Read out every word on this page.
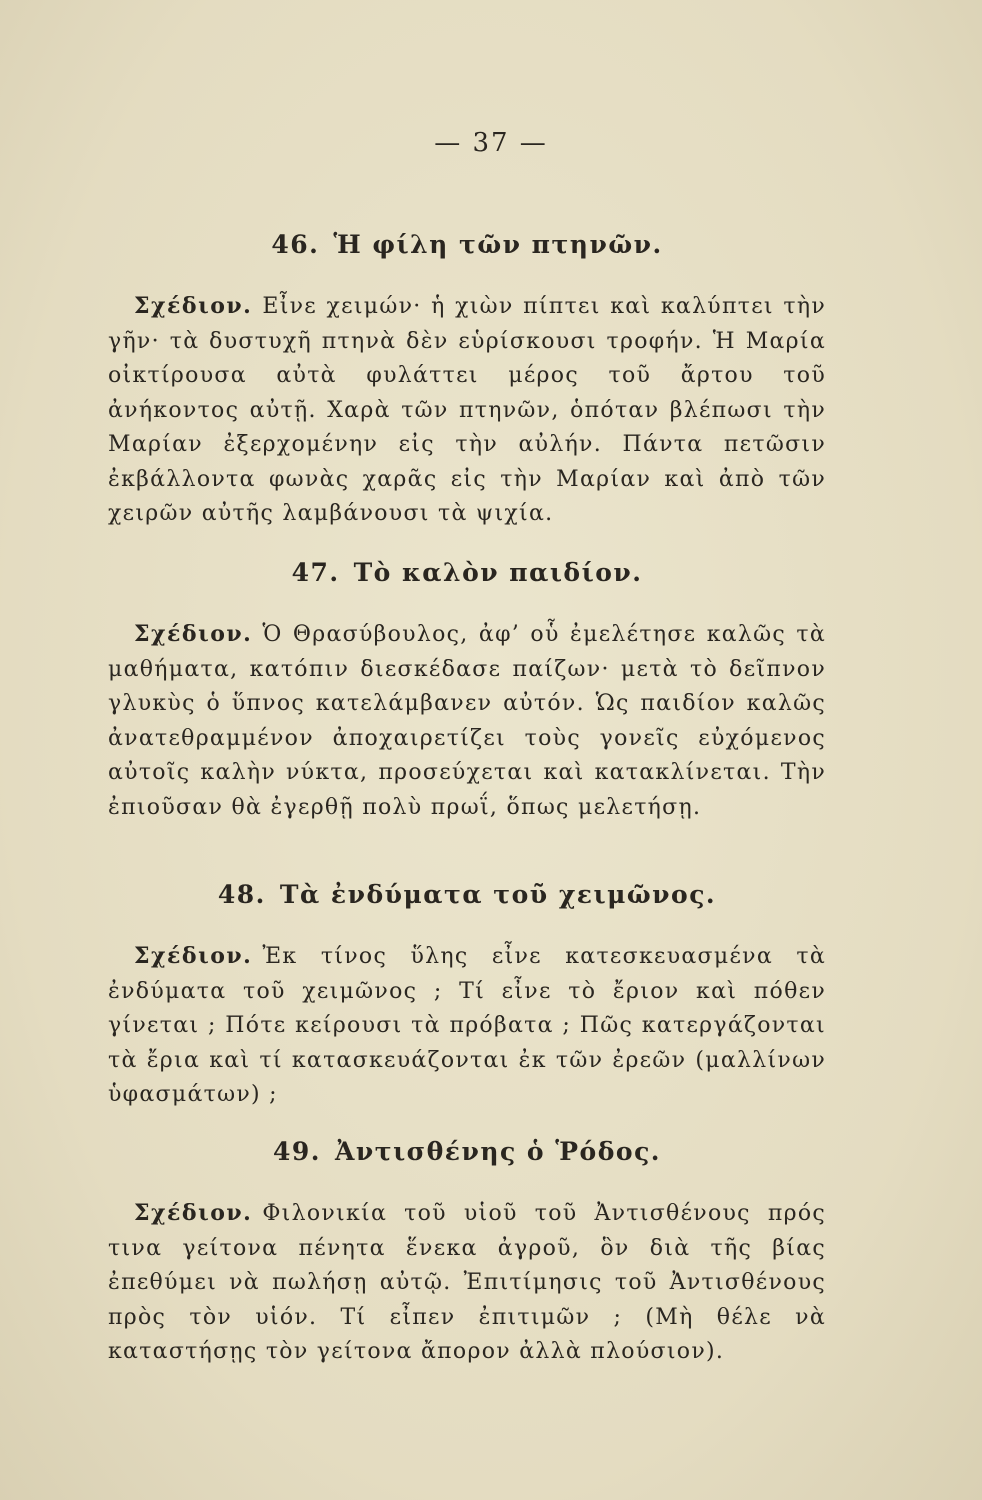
— 37 —
46. Ἡ φίλη τῶν πτηνῶν.

Σχέδιον. Εἶνε χειμών· ἡ χιὼν πίπτει καὶ καλύπτει τὴν γῆν· τὰ δυστυχῆ πτηνὰ δὲν εὑρίσκουσι τροφήν. Ἡ Μαρία οἰκτίρουσα αὐτὰ φυλάττει μέρος τοῦ ἄρτου τοῦ ἀνήκοντος αὐτῇ. Χαρὰ τῶν πτηνῶν, ὁπόταν βλέπωσι τὴν Μαρίαν ἐξερχομένην εἰς τὴν αὐλήν. Πάντα πετῶσιν ἐκβάλλοντα φωνὰς χαρᾶς εἰς τὴν Μαρίαν καὶ ἀπὸ τῶν χειρῶν αὐτῆς λαμβάνουσι τὰ ψιχία.

47. Τὸ καλὸν παιδίον.

Σχέδιον. Ὁ Θρασύβουλος, ἀφ’ οὗ ἐμελέτησε καλῶς τὰ μαθήματα, κατόπιν διεσκέδασε παίζων· μετὰ τὸ δεῖπνον γλυκὺς ὁ ὕπνος κατελάμβανεν αὐτόν. Ὡς παιδίον καλῶς ἀνατεθραμμένον ἀποχαιρετίζει τοὺς γονεῖς εὐχόμενος αὐτοῖς καλὴν νύκτα, προσεύχεται καὶ κατακλίνεται. Τὴν ἐπιοῦσαν θὰ ἐγερθῇ πολὺ πρωΐ, ὅπως μελετήσῃ.

48. Τὰ ἐνδύματα τοῦ χειμῶνος.

Σχέδιον. Ἐκ τίνος ὕλης εἶνε κατεσκευασμένα τὰ ἐνδύματα τοῦ χειμῶνος ; Τί εἶνε τὸ ἔριον καὶ πόθεν γίνεται ; Πότε κείρουσι τὰ πρόβατα ; Πῶς κατεργάζονται τὰ ἔρια καὶ τί κατασκευάζονται ἐκ τῶν ἐρεῶν (μαλλίνων ὑφασμάτων) ;

49. Ἀντισθένης ὁ Ῥόδος.

Σχέδιον. Φιλονικία τοῦ υἱοῦ τοῦ Ἀντισθένους πρός τινα γείτονα πένητα ἕνεκα ἀγροῦ, ὃν διὰ τῆς βίας ἐπεθύμει νὰ πωλήσῃ αὐτῷ. Ἐπιτίμησις τοῦ Ἀντισθένους πρὸς τὸν υἱόν. Τί εἶπεν ἐπιτιμῶν ; (Μὴ θέλε νὰ καταστήσῃς τὸν γείτονα ἄπορον ἀλλὰ πλούσιον).
